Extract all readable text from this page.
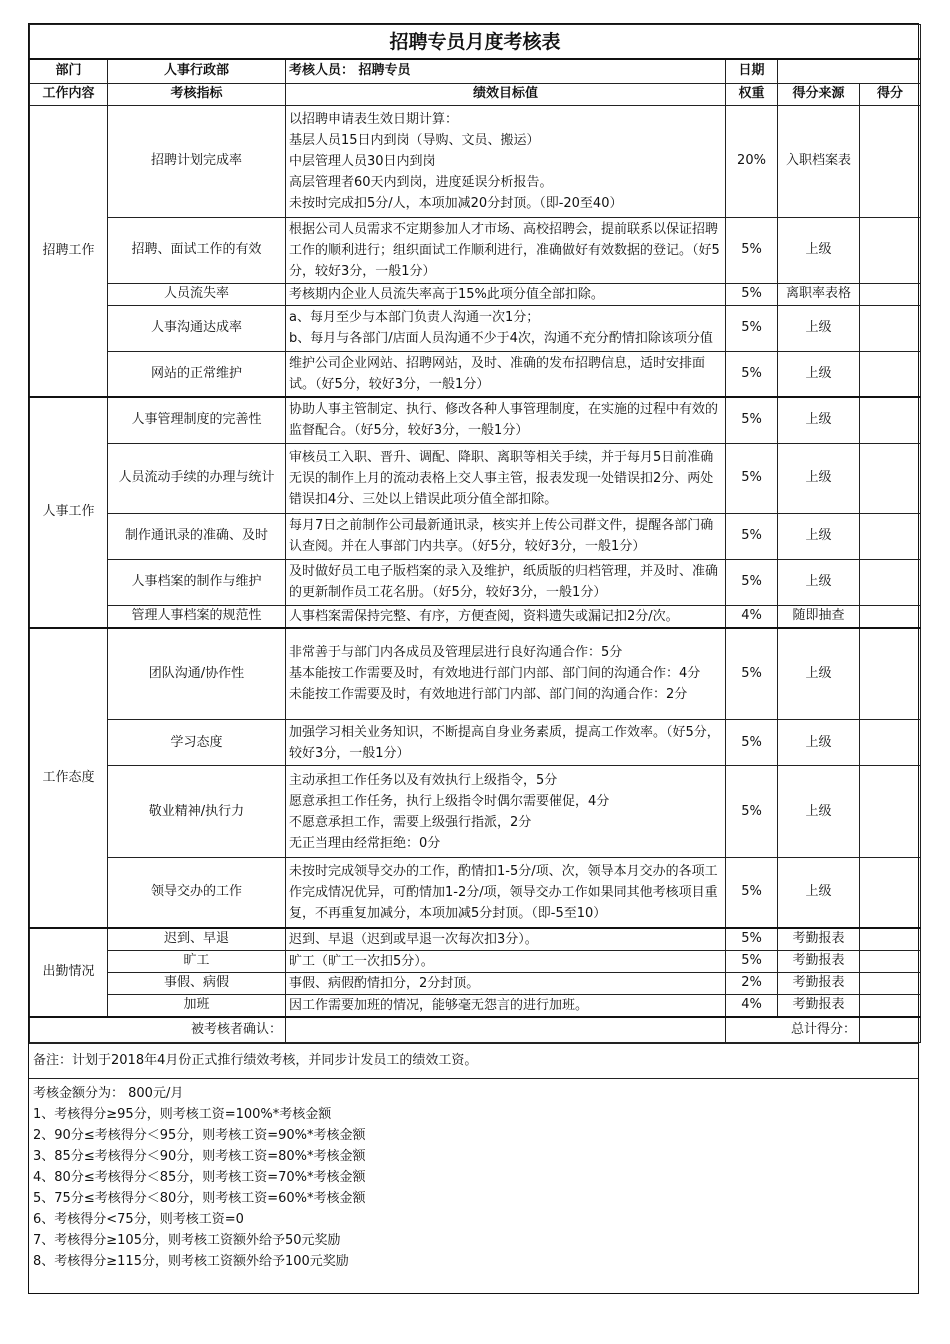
招聘专员月度考核表					
部门	人事行政部	考核人员： 招聘专员	日期		
工作内容	考核指标	绩效目标值	权重	得分来源	得分
招聘工作	招聘计划完成率	以招聘申请表生效日期计算：
基层人员15日内到岗（导购、文员、搬运）
中层管理人员30日内到岗
高层管理者60天内到岗，进度延误分析报告。
未按时完成扣5分/人，本项加减20分封顶。（即-20至40）	20%	入职档案表	
	招聘、面试工作的有效	根据公司人员需求不定期参加人才市场、高校招聘会，提前联系以保证招聘工作的顺利进行；组织面试工作顺利进行，准确做好有效数据的登记。（好5分，较好3分，一般1分）	5%	上级	
	人员流失率	考核期内企业人员流失率高于15%此项分值全部扣除。	5%	离职率表格	
	人事沟通达成率	a、每月至少与本部门负责人沟通一次1分；
b、每月与各部门/店面人员沟通不少于4次，沟通不充分酌情扣除该项分值	5%	上级	
	网站的正常维护	维护公司企业网站、招聘网站，及时、准确的发布招聘信息，适时安排面试。（好5分，较好3分，一般1分）	5%	上级	
人事工作	人事管理制度的完善性	协助人事主管制定、执行、修改各种人事管理制度，在实施的过程中有效的监督配合。（好5分，较好3分，一般1分）	5%	上级	
	人员流动手续的办理与统计	审核员工入职、晋升、调配、降职、离职等相关手续，并于每月5日前准确无误的制作上月的流动表格上交人事主管，报表发现一处错误扣2分、两处错误扣4分、三处以上错误此项分值全部扣除。	5%	上级	
	制作通讯录的准确、及时	每月7日之前制作公司最新通讯录，核实并上传公司群文件，提醒各部门确认查阅。并在人事部门内共享。（好5分，较好3分，一般1分）	5%	上级	
	人事档案的制作与维护	及时做好员工电子版档案的录入及维护，纸质版的归档管理，并及时、准确的更新制作员工花名册。（好5分，较好3分，一般1分）	5%	上级	
	管理人事档案的规范性	人事档案需保持完整、有序，方便查阅，资料遗失或漏记扣2分/次。	4%	随即抽查	
工作态度	团队沟通/协作性	非常善于与部门内各成员及管理层进行良好沟通合作：5分
基本能按工作需要及时，有效地进行部门内部、部门间的沟通合作：4分
未能按工作需要及时，有效地进行部门内部、部门间的沟通合作：2分	5%	上级	
	学习态度	加强学习相关业务知识，不断提高自身业务素质，提高工作效率。（好5分，较好3分，一般1分）	5%	上级	
	敬业精神/执行力	主动承担工作任务以及有效执行上级指令，5分
愿意承担工作任务，执行上级指令时偶尔需要催促，4分
不愿意承担工作，需要上级强行指派，2分
无正当理由经常拒绝：0分	5%	上级	
	领导交办的工作	未按时完成领导交办的工作，酌情扣1-5分/项、次，领导本月交办的各项工作完成情况优异，可酌情加1-2分/项，领导交办工作如果同其他考核项目重复，不再重复加减分，本项加减5分封顶。（即-5至10）	5%	上级	
出勤情况	迟到、早退	迟到、早退（迟到或早退一次每次扣3分）。	5%	考勤报表	
	旷工	旷工（旷工一次扣5分）。	5%	考勤报表	
	事假、病假	事假、病假酌情扣分，2分封顶。	2%	考勤报表	
	加班	因工作需要加班的情况，能够毫无怨言的进行加班。	4%	考勤报表	
被考核者确认：			总计得分：		
备注：计划于2018年4月份正式推行绩效考核，并同步计发员工的绩效工资。
考核金额分为： 800元/月
1、考核得分≥95分，则考核工资=100%*考核金额
2、90分≤考核得分＜95分，则考核工资=90%*考核金额
3、85分≤考核得分＜90分，则考核工资=80%*考核金额
4、80分≤考核得分＜85分，则考核工资=70%*考核金额
5、75分≤考核得分＜80分，则考核工资=60%*考核金额
6、考核得分<75分，则考核工资=0
7、考核得分≥105分，则考核工资额外给予50元奖励
8、考核得分≥115分，则考核工资额外给予100元奖励
